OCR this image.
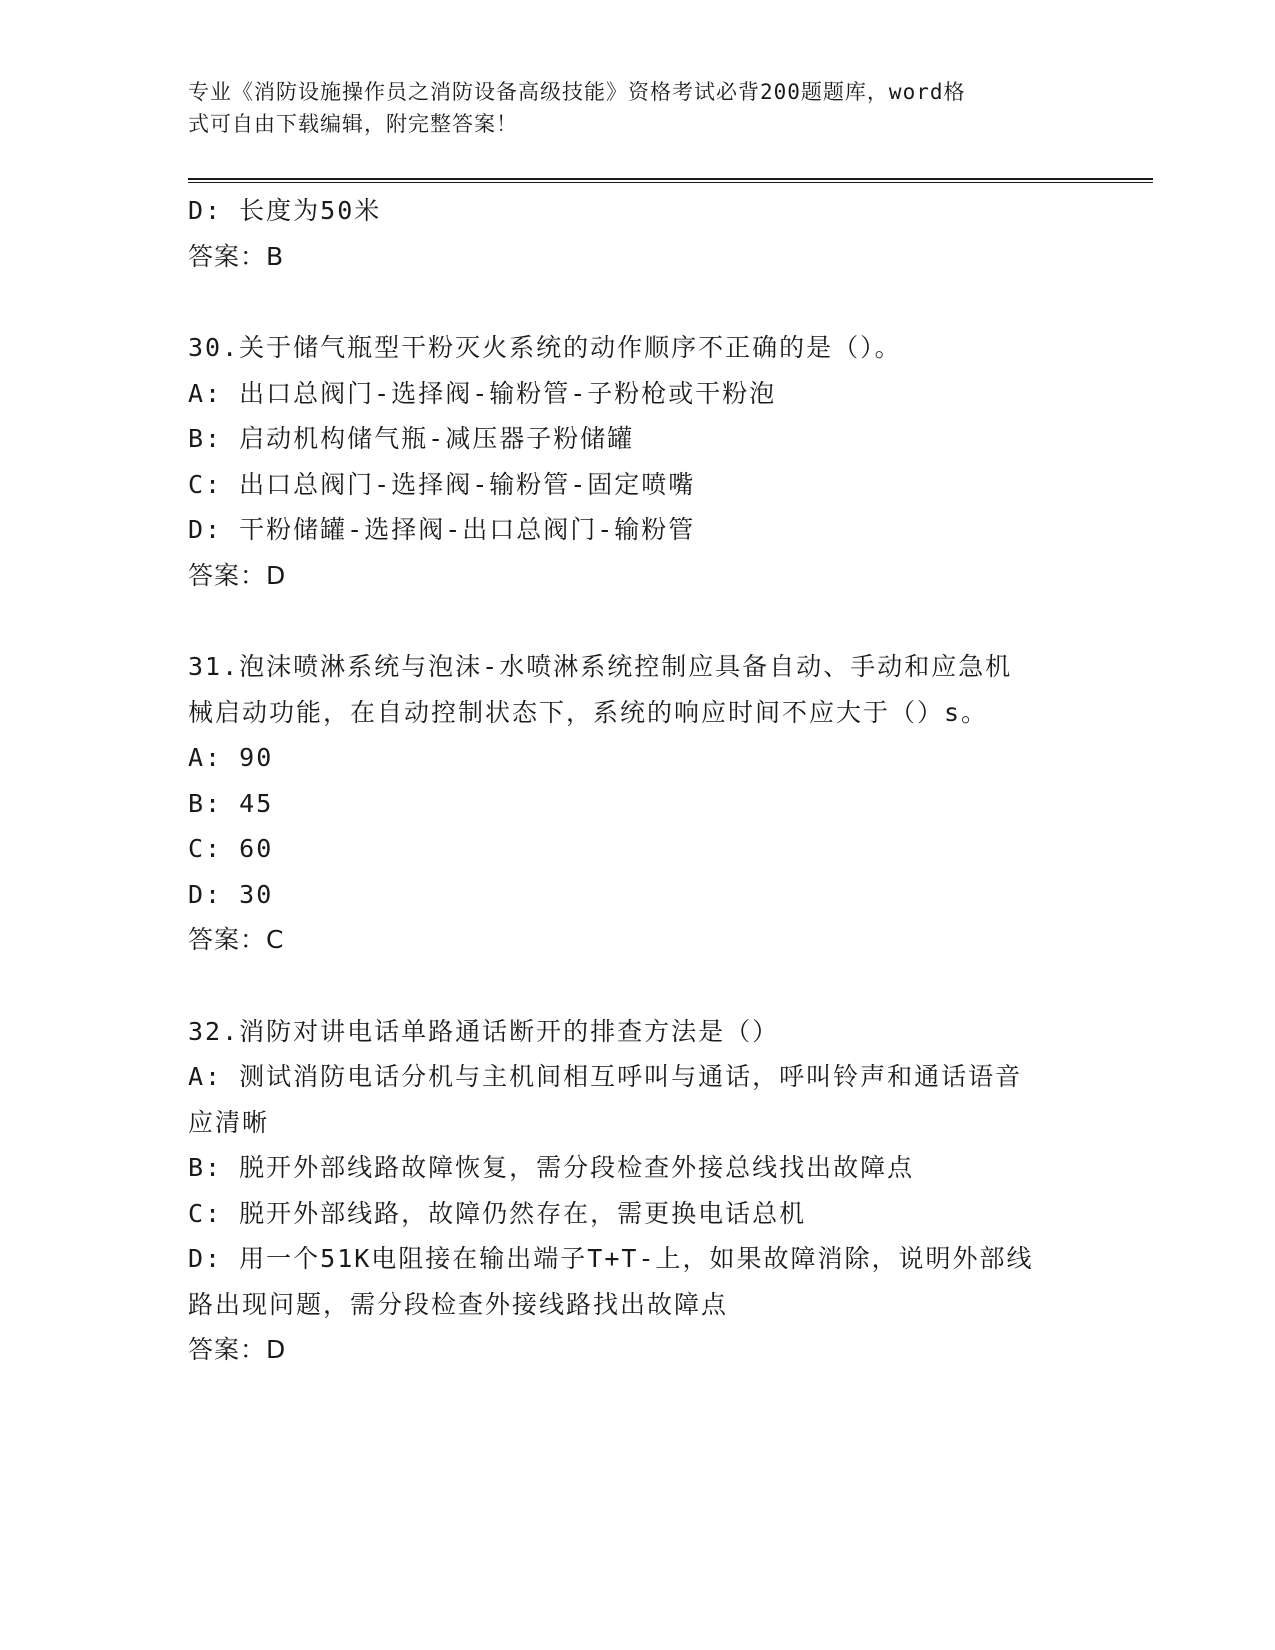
专业《消防设施操作员之消防设备高级技能》资格考试必背200题题库，word格
式可自由下载编辑，附完整答案！
D: 长度为50米
答案：B
30.关于储气瓶型干粉灭火系统的动作顺序不正确的是（）。
A: 出口总阀门-选择阀-输粉管-子粉枪或干粉泡
B: 启动机构储气瓶-减压器子粉储罐
C: 出口总阀门-选择阀-输粉管-固定喷嘴
D: 干粉储罐-选择阀-出口总阀门-输粉管
答案：D
31.泡沫喷淋系统与泡沫-水喷淋系统控制应具备自动、手动和应急机
械启动功能，在自动控制状态下，系统的响应时间不应大于（）s。
A: 90
B: 45
C: 60
D: 30
答案：C
32.消防对讲电话单路通话断开的排查方法是（）
A: 测试消防电话分机与主机间相互呼叫与通话，呼叫铃声和通话语音
应清晰
B: 脱开外部线路故障恢复，需分段检查外接总线找出故障点
C: 脱开外部线路，故障仍然存在，需更换电话总机
D: 用一个51K电阻接在输出端子T+T-上，如果故障消除，说明外部线
路出现问题，需分段检查外接线路找出故障点
答案：D
